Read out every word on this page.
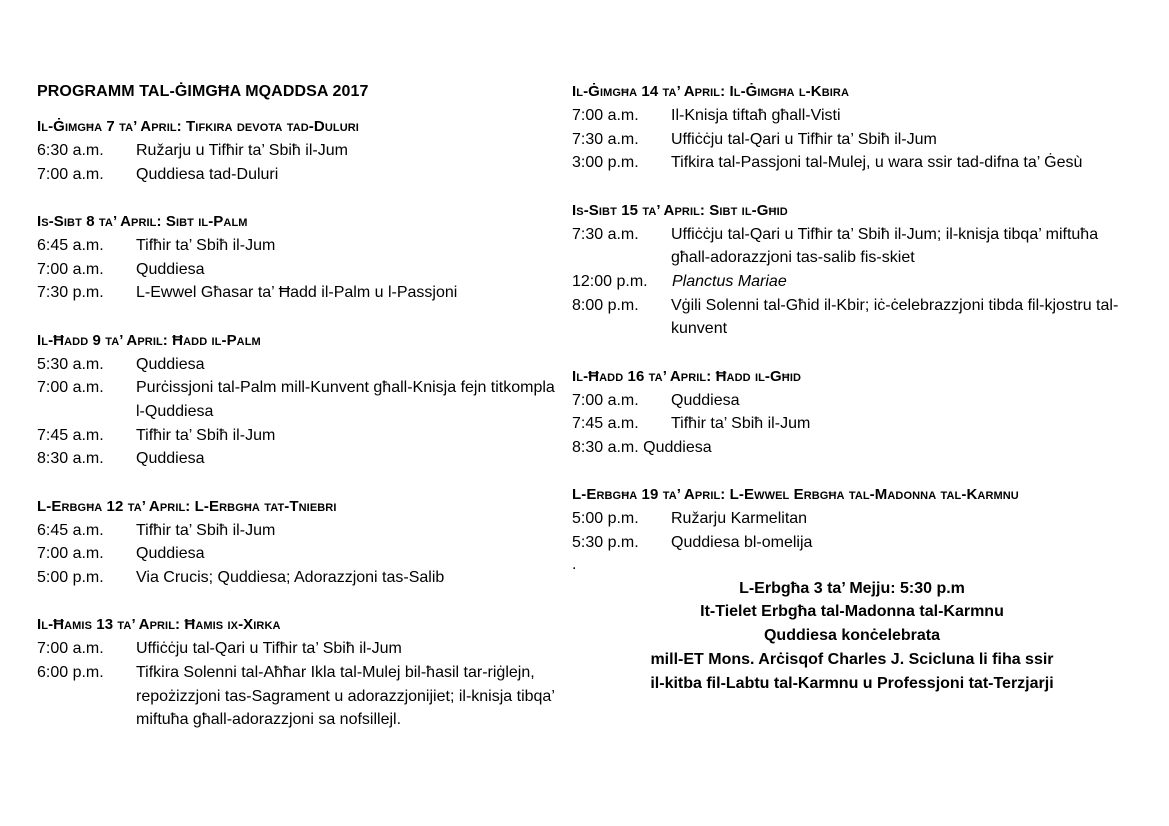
PROGRAMM TAL-ĠIMGĦA MQADDSA 2017
Il-Ġimgħa 7 ta’ April: Tifkira devota tad-Duluri
6:30 a.m.	Ružarju u Tifħir ta’ Sbiħ il-Jum
7:00 a.m.	Quddiesa tad-Duluri
Is-Sibt 8 ta’ April: Sibt il-Palm
6:45 a.m.	Tifħir ta’ Sbiħ il-Jum
7:00 a.m.	Quddiesa
7:30 p.m.	L-Ewwel Għasar ta’ Ħadd il-Palm u l-Passjoni
Il-Ħadd 9 ta’ April: Ħadd il-Palm
5:30 a.m.	Quddiesa
7:00 a.m.	Purċissjoni tal-Palm mill-Kunvent għall-Knisja fejn titkompla l-Quddiesa
7:45 a.m.	Tifħir ta’ Sbiħ il-Jum
8:30 a.m.	Quddiesa
L-Erbgħa 12 ta’ April: L-Erbgħa tat-Tniebri
6:45 a.m.	Tifħir ta’ Sbiħ il-Jum
7:00 a.m.	Quddiesa
5:00 p.m.	Via Crucis; Quddiesa; Adorazzjoni tas-Salib
Il-Ħamis 13 ta’ April: Ħamis ix-Xirka
7:00 a.m.	Uffiċċju tal-Qari u Tifħir ta’ Sbiħ il-Jum
6:00 p.m.	Tifkira Solenni tal-Aħħar Ikla tal-Mulej bil-ħasil tar-riġlejn, repożizzjoni tas-Sagrament u adorazzjonijiet; il-knisja tibqa’ miftuħa għall-adorazzjoni sa nofsillejl.
Il-Ġimgħa 14 ta’ April: Il-Ġimgħa l-Kbira
7:00 a.m.	Il-Knisja tiftaħ għall-Visti
7:30 a.m.	Uffiċċju tal-Qari u Tifħir ta’ Sbiħ il-Jum
3:00 p.m.	Tifkira tal-Passjoni tal-Mulej, u wara ssir tad-difna ta’ Ġesù
Is-Sibt 15 ta’ April: Sibt il-Għid
7:30 a.m.	Uffiċċju tal-Qari u Tifħir ta’ Sbiħ il-Jum; il-knisja tibqa’ miftuħa għall-adorazzjoni tas-salib fis-skiet
12:00 p.m.	Planctus Mariae
8:00 p.m.	Vġili Solenni tal-Għid il-Kbir; iċ-ċelebrazzjoni tibda fil-kjostru tal-kunvent
Il-Ħadd 16 ta’ April: Ħadd il-Għid
7:00 a.m.	Quddiesa
7:45 a.m.	Tifħir ta’ Sbiħ il-Jum
8:30 a.m. Quddiesa
L-Erbgħa 19 ta’ April: L-Ewwel Erbgħa tal-Madonna tal-Karmnu
5:00 p.m.	Ružarju Karmelitan
5:30 p.m.	Quddiesa bl-omelija
.
L-Erbgħa 3 ta’ Mejju: 5:30 p.m
It-Tielet Erbgħa tal-Madonna tal-Karmnu
Quddiesa konċelebrata
mill-ET Mons. Arċisqof Charles J. Scicluna li fiha ssir
il-kitba fil-Labtu tal-Karmnu u Professjoni tat-Terzjarji
